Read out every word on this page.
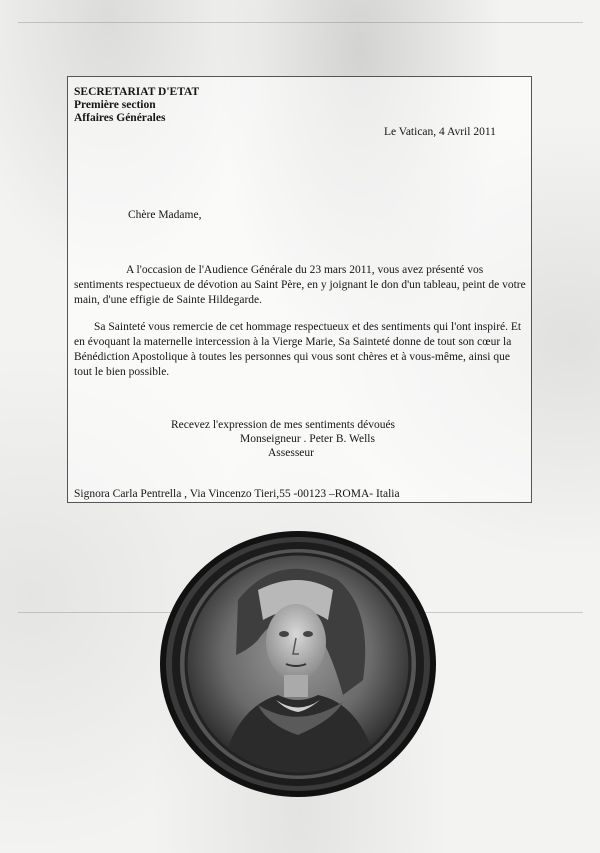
SECRETARIAT D'ETAT
Première section
Affaires Générales
Le Vatican, 4 Avril 2011
Chère Madame,
A l'occasion de l'Audience Générale du 23 mars 2011, vous avez présenté vos sentiments respectueux de dévotion au Saint Père, en y joignant le don d'un tableau, peint de votre main, d'une effigie de Sainte Hildegarde.
Sa Sainteté vous remercie de cet hommage respectueux et des sentiments qui l'ont inspiré. Et en évoquant la maternelle intercession à la Vierge Marie, Sa Sainteté donne de tout son cœur la Bénédiction Apostolique à toutes les personnes qui vous sont chères et à vous-même, ainsi que tout le bien possible.
Recevez l'expression de mes sentiments dévoués
Monseigneur . Peter B. Wells
Assesseur
Signora Carla Pentrella , Via Vincenzo Tieri,55 -00123 –ROMA- Italia
